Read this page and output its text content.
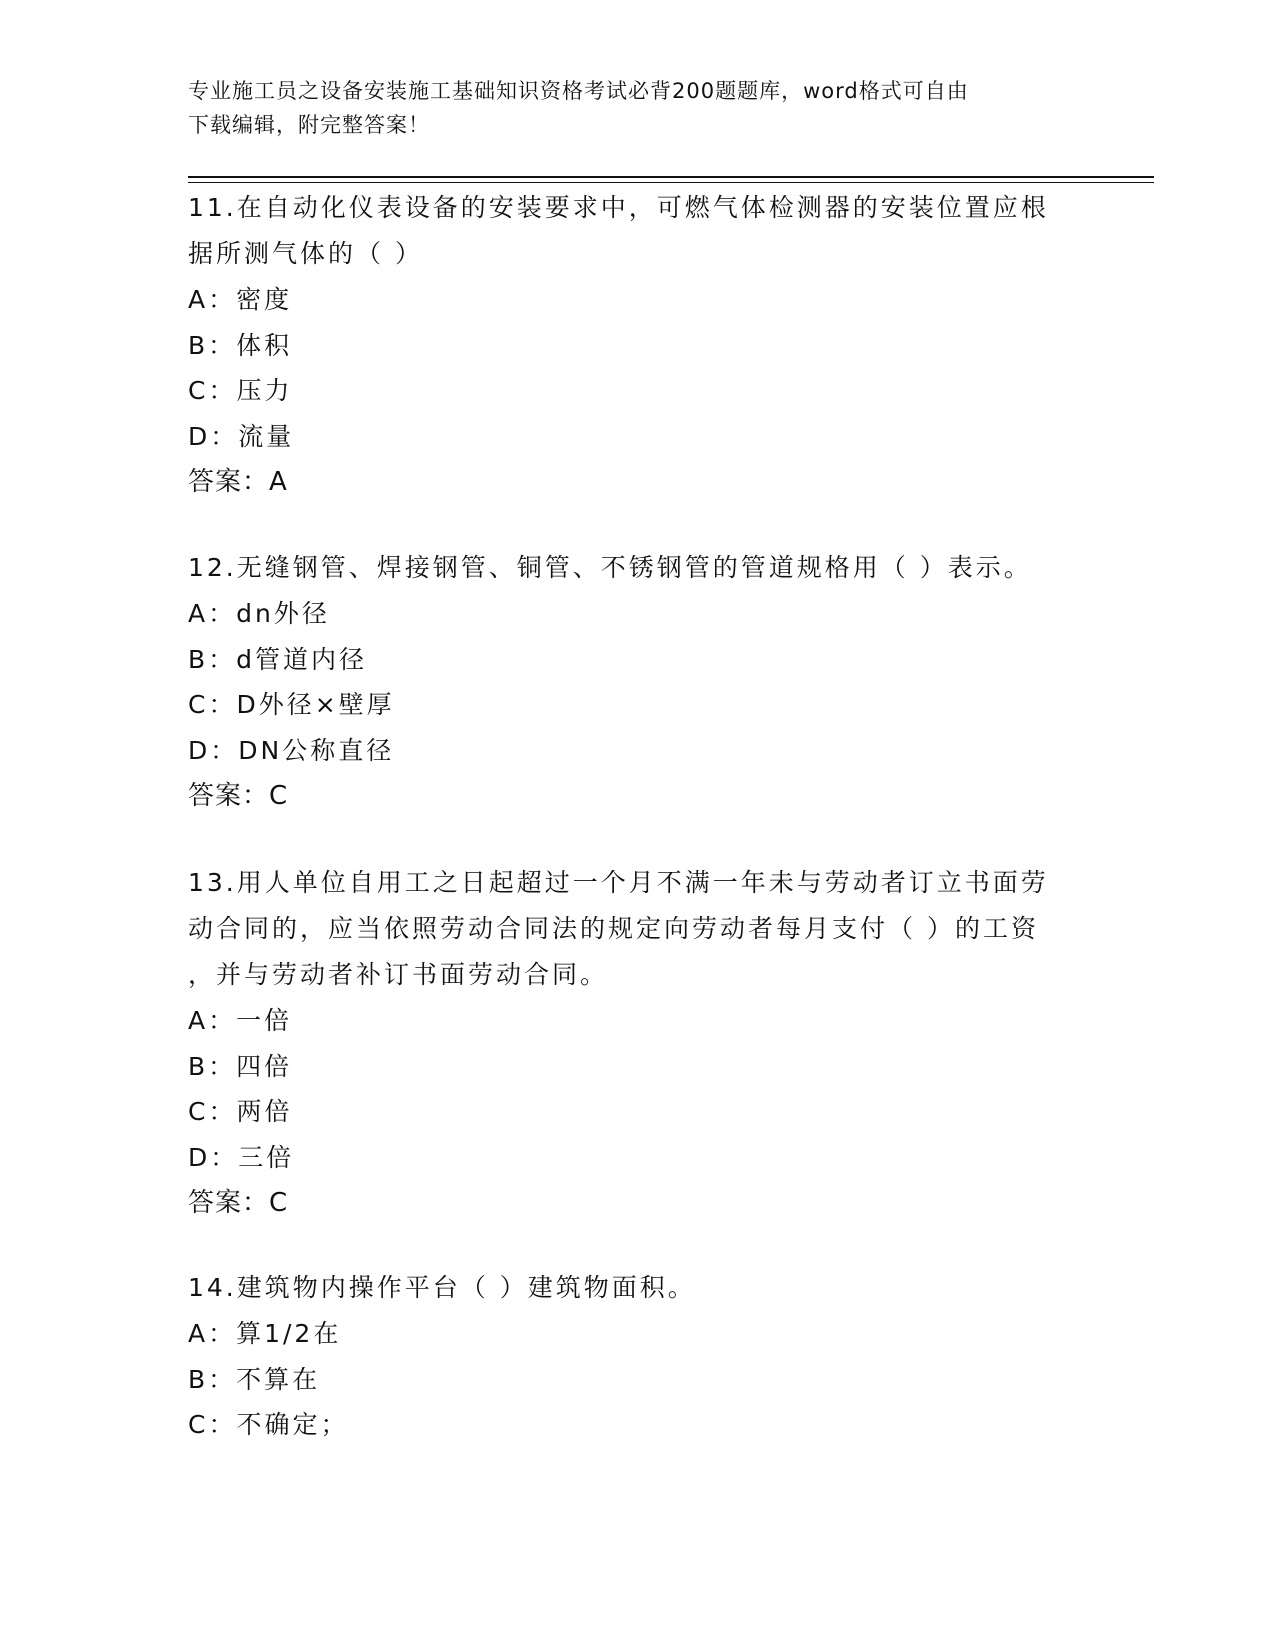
专业施工员之设备安装施工基础知识资格考试必背200题题库，word格式可自由
下载编辑，附完整答案！

11.在自动化仪表设备的安装要求中，可燃气体检测器的安装位置应根

据所测气体的（ ）

A：密度

B：体积

C：压力

D：流量

答案：A

12.无缝钢管、焊接钢管、铜管、不锈钢管的管道规格用（ ）表示。

A：dn外径

B：d管道内径

C：D外径×壁厚

D：DN公称直径

答案：C

13.用人单位自用工之日起超过一个月不满一年未与劳动者订立书面劳

动合同的，应当依照劳动合同法的规定向劳动者每月支付（ ）的工资

，并与劳动者补订书面劳动合同。

A：一倍

B：四倍

C：两倍

D：三倍

答案：C

14.建筑物内操作平台（ ）建筑物面积。

A：算1/2在

B：不算在

C：不确定；
